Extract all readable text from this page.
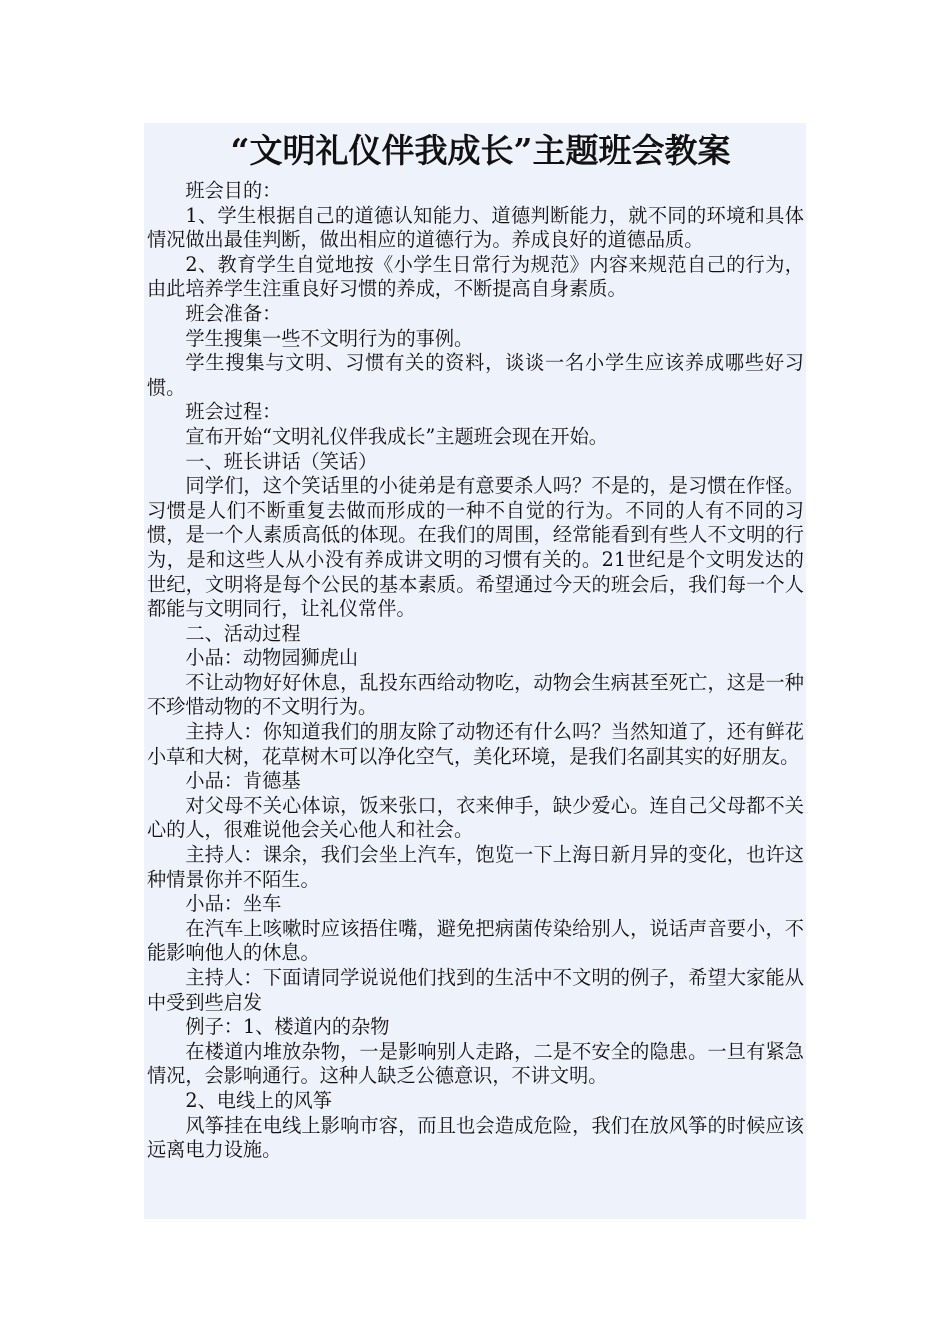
“文明礼仪伴我成长”主题班会教案

班会目的：

1、学生根据自己的道德认知能力、道德判断能力，就不同的环境和具体情况做出最佳判断，做出相应的道德行为。养成良好的道德品质。

2、教育学生自觉地按《小学生日常行为规范》内容来规范自己的行为，由此培养学生注重良好习惯的养成，不断提高自身素质。

班会准备：

学生搜集一些不文明行为的事例。

学生搜集与文明、习惯有关的资料，谈谈一名小学生应该养成哪些好习惯。

班会过程：

宣布开始“文明礼仪伴我成长”主题班会现在开始。

一、班长讲话（笑话）

同学们，这个笑话里的小徒弟是有意要杀人吗？不是的，是习惯在作怪。习惯是人们不断重复去做而形成的一种不自觉的行为。不同的人有不同的习惯，是一个人素质高低的体现。在我们的周围，经常能看到有些人不文明的行为，是和这些人从小没有养成讲文明的习惯有关的。21世纪是个文明发达的世纪，文明将是每个公民的基本素质。希望通过今天的班会后，我们每一个人都能与文明同行，让礼仪常伴。

二、活动过程

小品：动物园狮虎山

不让动物好好休息，乱投东西给动物吃，动物会生病甚至死亡，这是一种不珍惜动物的不文明行为。

主持人：你知道我们的朋友除了动物还有什么吗？当然知道了，还有鲜花小草和大树，花草树木可以净化空气，美化环境，是我们名副其实的好朋友。

小品：肯德基

对父母不关心体谅，饭来张口，衣来伸手，缺少爱心。连自己父母都不关心的人，很难说他会关心他人和社会。

主持人：课余，我们会坐上汽车，饱览一下上海日新月异的变化，也许这种情景你并不陌生。

小品：坐车

在汽车上咳嗽时应该捂住嘴，避免把病菌传染给别人，说话声音要小，不能影响他人的休息。

主持人：下面请同学说说他们找到的生活中不文明的例子，希望大家能从中受到些启发

例子：1、楼道内的杂物

在楼道内堆放杂物，一是影响别人走路，二是不安全的隐患。一旦有紧急情况，会影响通行。这种人缺乏公德意识，不讲文明。

2、电线上的风筝

风筝挂在电线上影响市容，而且也会造成危险，我们在放风筝的时候应该远离电力设施。
